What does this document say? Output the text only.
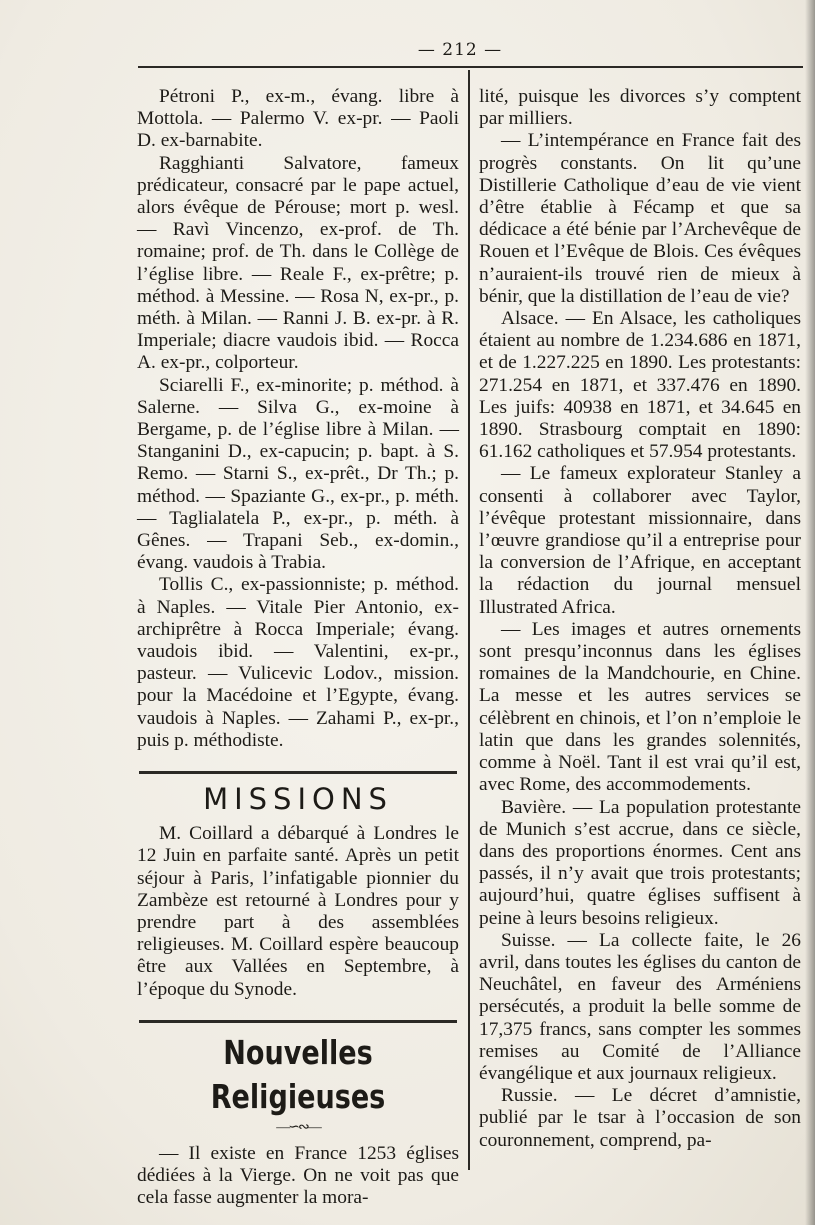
— 212 —

Pétroni P., ex-m., évang. libre à Mottola. — Palermo V. ex-pr. — Paoli D. ex-barnabite.

Ragghianti Salvatore, fameux prédicateur, consacré par le pape actuel, alors évêque de Pérouse; mort p. wesl. — Ravì Vincenzo, ex-prof. de Th. romaine; prof. de Th. dans le Collège de l’église libre. — Reale F., ex-prêtre; p. méthod. à Messine. — Rosa N, ex-pr., p. méth. à Milan. — Ranni J. B. ex-pr. à R. Imperiale; diacre vaudois ibid. — Rocca A. ex-pr., colporteur.

Sciarelli F., ex-minorite; p. méthod. à Salerne. — Silva G., ex-moine à Bergame, p. de l’église libre à Milan. — Stanganini D., ex-capucin; p. bapt. à S. Remo. — Starni S., ex-prêt., Dr Th.; p. méthod. — Spaziante G., ex-pr., p. méth. — Taglialatela P., ex-pr., p. méth. à Gênes. — Trapani Seb., ex-domin., évang. vaudois à Trabia.

Tollis C., ex-passionniste; p. méthod. à Naples. — Vitale Pier Antonio, ex-archiprêtre à Rocca Imperiale; évang. vaudois ibid. — Valentini, ex-pr., pasteur. — Vulicevic Lodov., mission. pour la Macédoine et l’Egypte, évang. vaudois à Naples. — Zahami P., ex-pr., puis p. méthodiste.

MISSIONS

M. Coillard a débarqué à Londres le 12 Juin en parfaite santé. Après un petit séjour à Paris, l’infatigable pionnier du Zambèze est retourné à Londres pour y prendre part à des assemblées religieuses. M. Coillard espère beaucoup être aux Vallées en Septembre, à l’époque du Synode.

Nouvelles Religieuses
—∽∾—

— Il existe en France 1253 églises dédiées à la Vierge. On ne voit pas que cela fasse augmenter la mora-

lité, puisque les divorces s’y comptent par milliers.

— L’intempérance en France fait des progrès constants. On lit qu’une Distillerie Catholique d’eau de vie vient d’être établie à Fécamp et que sa dédicace a été bénie par l’Archevêque de Rouen et l’Evêque de Blois. Ces évêques n’auraient-ils trouvé rien de mieux à bénir, que la distillation de l’eau de vie?

Alsace. — En Alsace, les catholiques étaient au nombre de 1.234.686 en 1871, et de 1.227.225 en 1890. Les protestants: 271.254 en 1871, et 337.476 en 1890. Les juifs: 40938 en 1871, et 34.645 en 1890. Strasbourg comptait en 1890: 61.162 catholiques et 57.954 protestants.

— Le fameux explorateur Stanley a consenti à collaborer avec Taylor, l’évêque protestant missionnaire, dans l’œuvre grandiose qu’il a entreprise pour la conversion de l’Afrique, en acceptant la rédaction du journal mensuel Illustrated Africa.

— Les images et autres ornements sont presqu’inconnus dans les églises romaines de la Mandchourie, en Chine. La messe et les autres services se célèbrent en chinois, et l’on n’emploie le latin que dans les grandes solennités, comme à Noël. Tant il est vrai qu’il est, avec Rome, des accommodements.

Bavière. — La population protestante de Munich s’est accrue, dans ce siècle, dans des proportions énormes. Cent ans passés, il n’y avait que trois protestants; aujourd’hui, quatre églises suffisent à peine à leurs besoins religieux.

Suisse. — La collecte faite, le 26 avril, dans toutes les églises du canton de Neuchâtel, en faveur des Arméniens persécutés, a produit la belle somme de 17,375 francs, sans compter les sommes remises au Comité de l’Alliance évangélique et aux journaux religieux.

Russie. — Le décret d’amnistie, publié par le tsar à l’occasion de son couronnement, comprend, pa-
